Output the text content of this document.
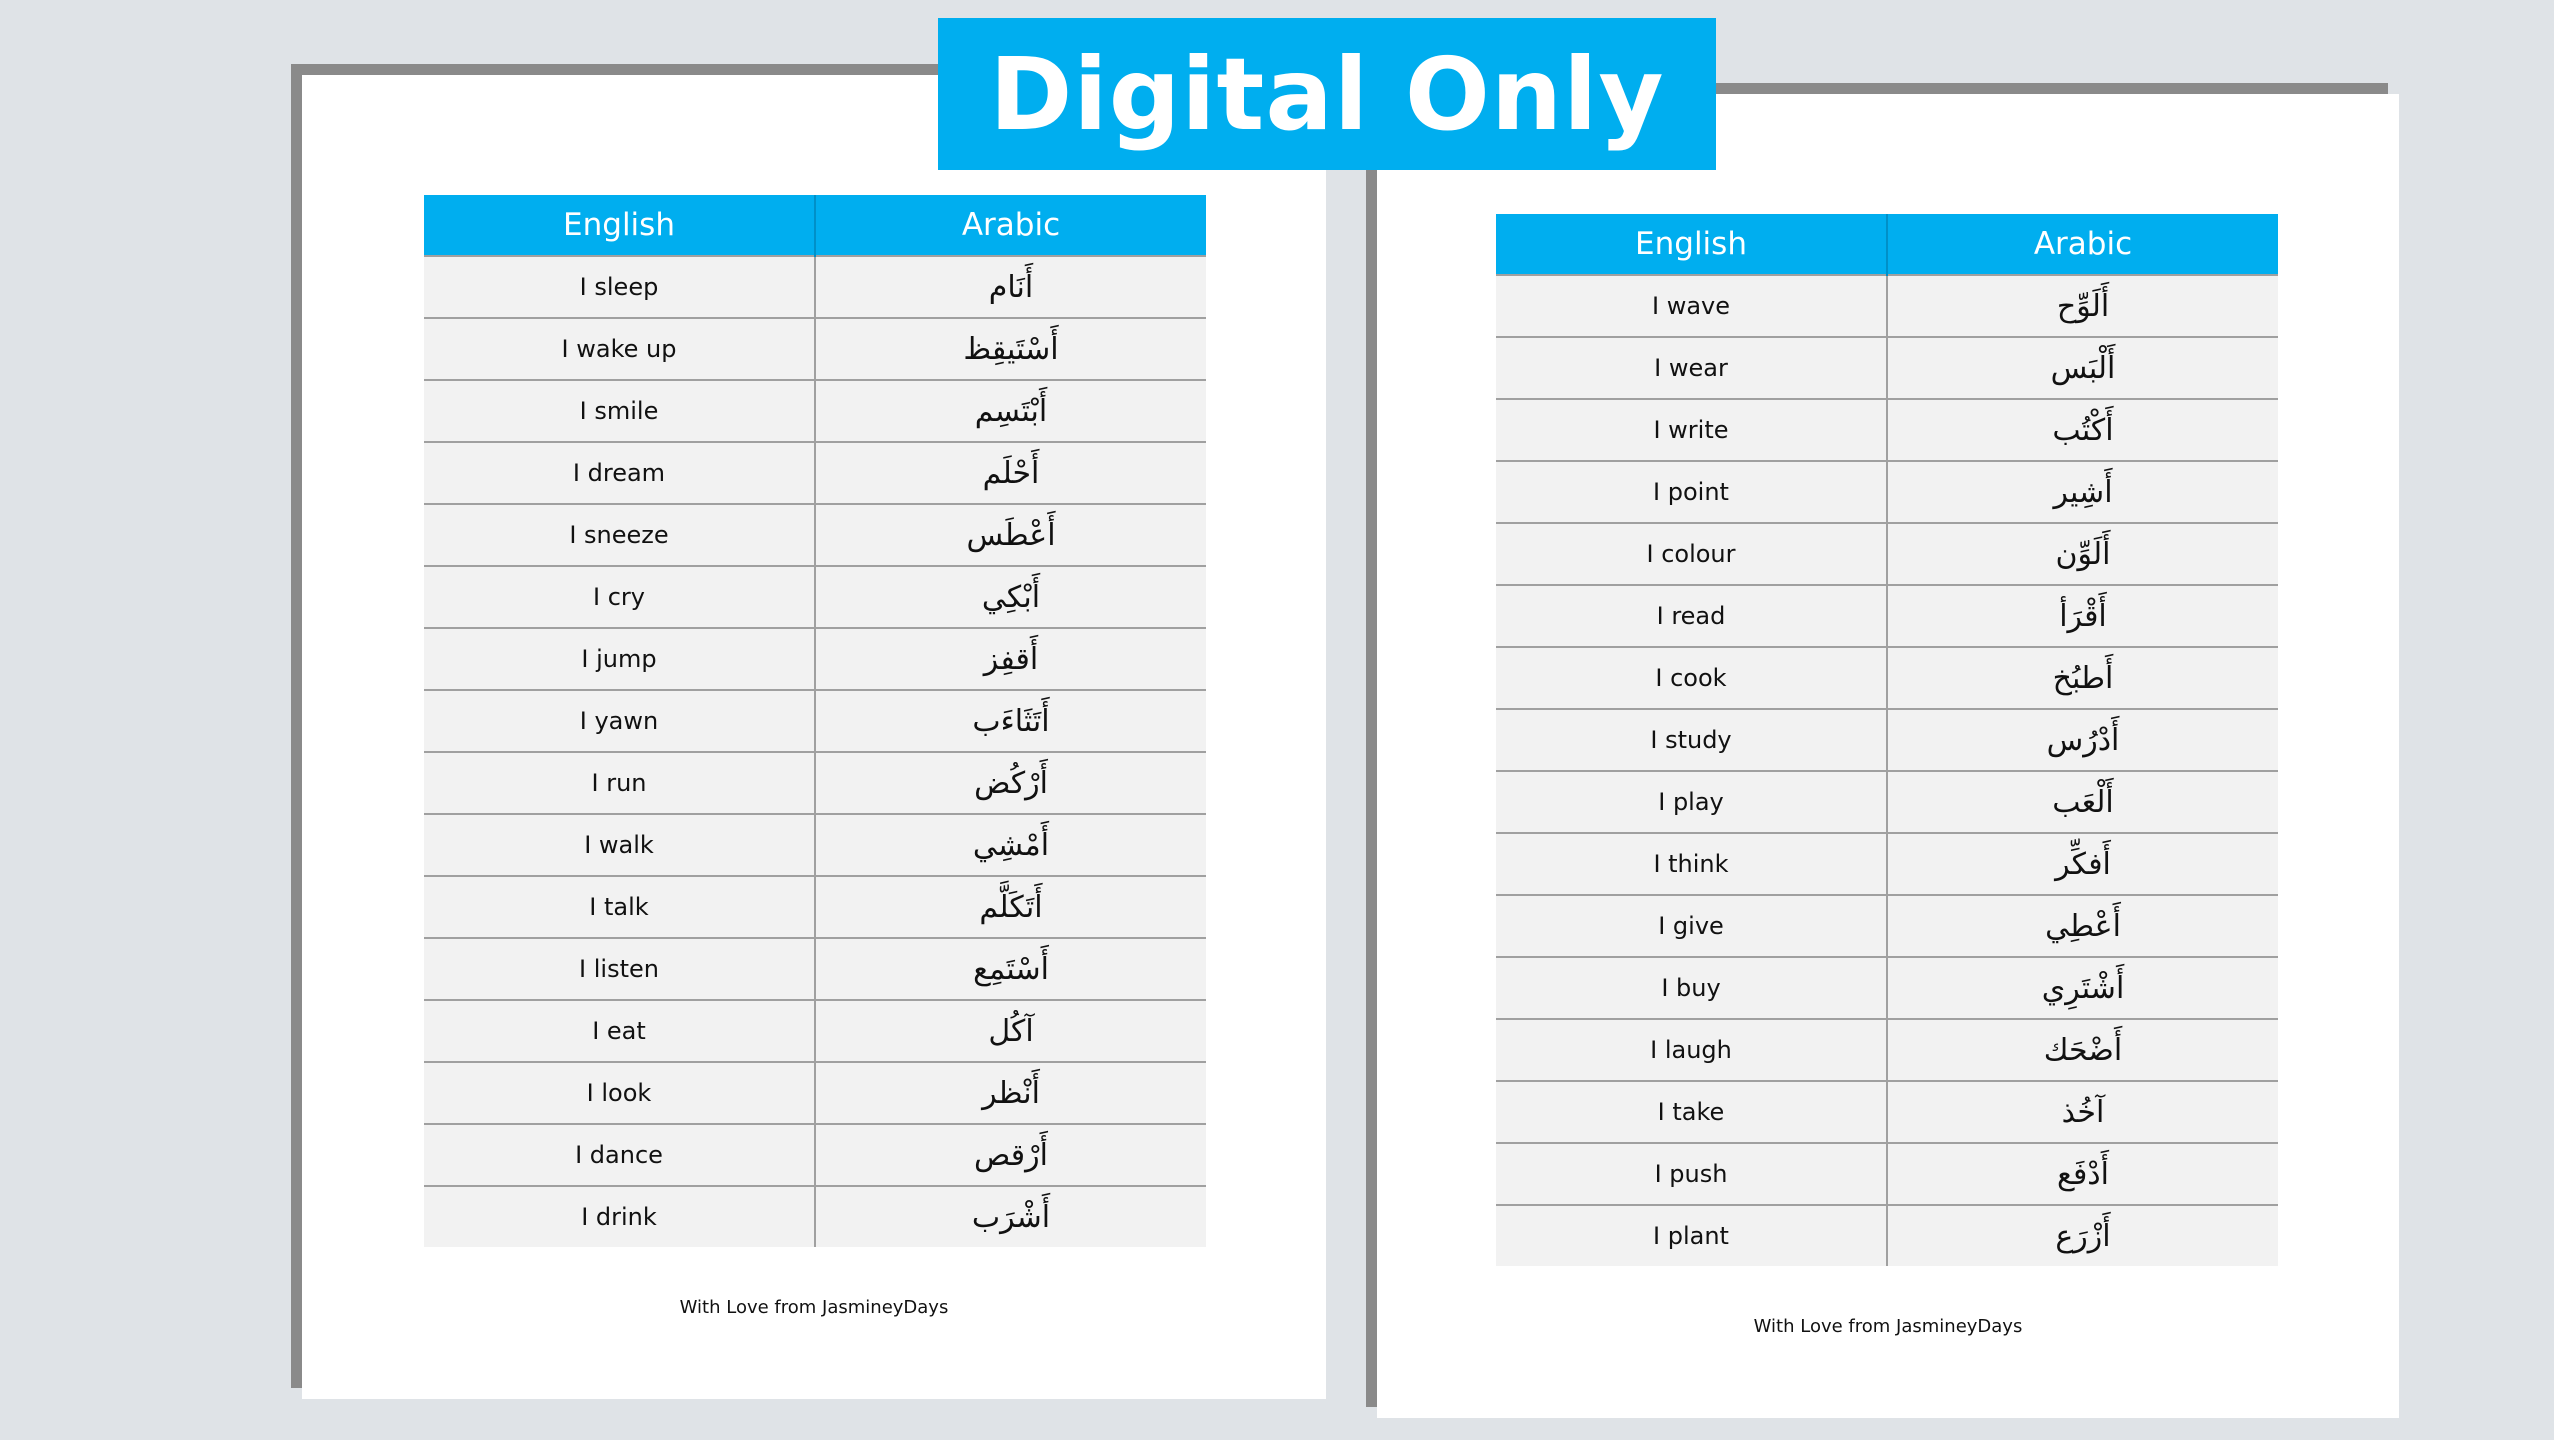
English	Arabic
I sleep	أَنَام
I wake up	أَسْتَيقِظ
I smile	أَبْتَسِم
I dream	أَحْلَم
I sneeze	أَعْطَس
I cry	أَبْكِي
I jump	أَقفِز
I yawn	أَتَثَاءَب
I run	أَرْكُض
I walk	أَمْشِي
I talk	أَتَكَلَّم
I listen	أَسْتَمِع
I eat	آكُل
I look	أَنْظر
I dance	أَرْقص
I drink	أَشْرَب
With Love from JasmineyDays
English	Arabic
I wave	أَلَوِّح
I wear	أَلْبَس
I write	أَكْتُب
I point	أَشِير
I colour	أَلَوِّن
I read	أَقْرَأ
I cook	أَطبُخ
I study	أَدْرُس
I play	أَلْعَب
I think	أَفكِّر
I give	أَعْطِي
I buy	أَشْتَرِي
I laugh	أَضْحَك
I take	آخُذ
I push	أَدْفَع
I plant	أَزْرَع
With Love from JasmineyDays
Digital Only
